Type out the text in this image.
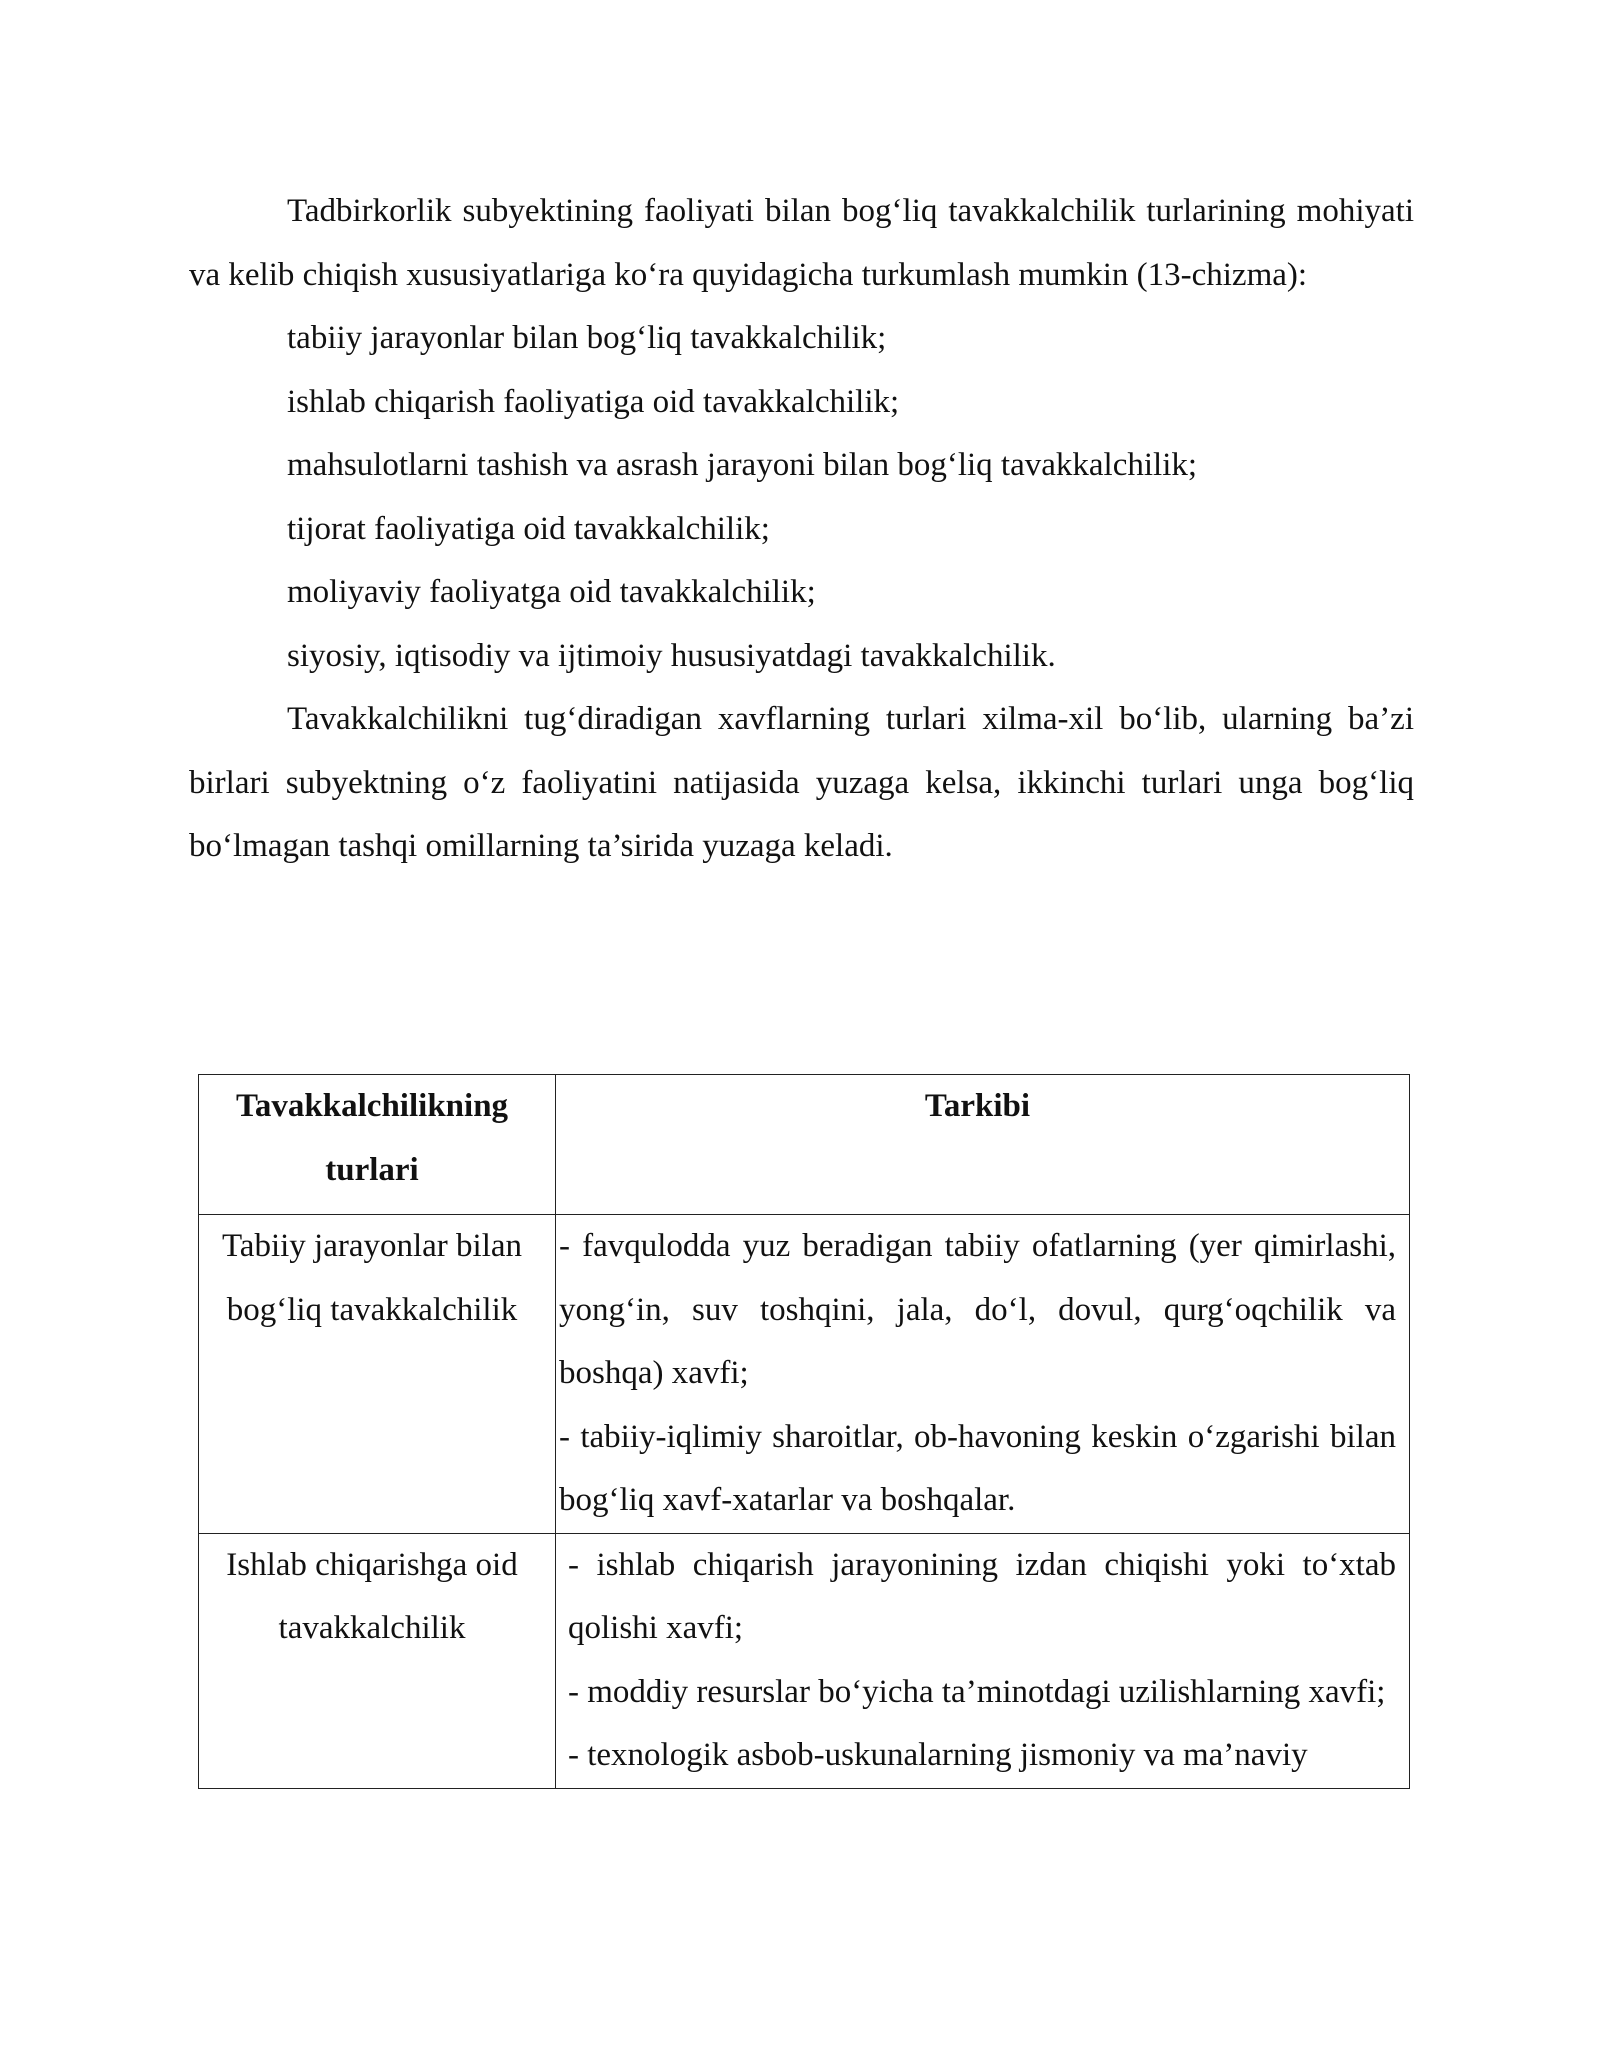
Tadbirkorlik subyektining faoliyati bilan bog‘liq tavakkalchilik turlarining mohiyati va kelib chiqish xususiyatlariga ko‘ra quyidagicha turkumlash mumkin (13-chizma):

tabiiy jarayonlar bilan bog‘liq tavakkalchilik;

ishlab chiqarish faoliyatiga oid tavakkalchilik;

mahsulotlarni tashish va asrash jarayoni bilan bog‘liq tavakkalchilik;

tijorat faoliyatiga oid tavakkalchilik;

moliyaviy faoliyatga oid tavakkalchilik;

siyosiy, iqtisodiy va ijtimoiy hususiyatdagi tavakkalchilik.

Tavakkalchilikni tug‘diradigan xavflarning turlari xilma-xil bo‘lib, ularning ba’zi birlari subyektning o‘z faoliyatini natijasida yuzaga kelsa, ikkinchi turlari unga bog‘liq bo‘lmagan tashqi omillarning ta’sirida yuzaga keladi.

Tavakkalchilikning turlari	Tarkibi
Tabiiy jarayonlar bilan bog‘liq tavakkalchilik	- favqulodda yuz beradigan tabiiy ofatlarning (yer qimirlashi, yong‘in, suv toshqini, jala, do‘l, dovul, qurg‘oqchilik va boshqa) xavfi;
- tabiiy-iqlimiy sharoitlar, ob-havoning keskin o‘zgarishi bilan bog‘liq xavf-xatarlar va boshqalar.

Ishlab chiqarishga oid tavakkalchilik	- ishlab chiqarish jarayonining izdan chiqishi yoki to‘xtab qolishi xavfi;
- moddiy resurslar bo‘yicha ta’minotdagi uzilishlarning xavfi;
- texnologik asbob-uskunalarning jismoniy va ma’naviy
